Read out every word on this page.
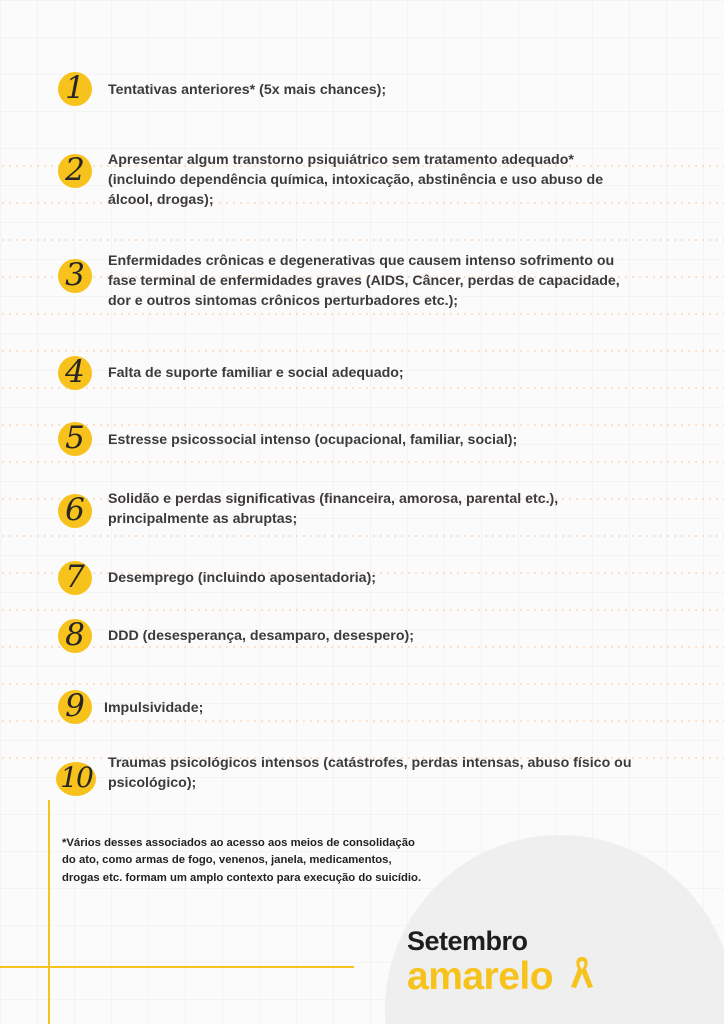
1	Tentativas anteriores* (5x mais chances);
2	Apresentar algum transtorno psiquiátrico sem tratamento adequado*
(incluindo dependência química, intoxicação, abstinência e uso abuso de
álcool, drogas);
3	Enfermidades crônicas e degenerativas que causem intenso sofrimento ou
fase terminal de enfermidades graves (AIDS, Câncer, perdas de capacidade,
dor e outros sintomas crônicos perturbadores etc.);
4	Falta de suporte familiar e social adequado;
5	Estresse psicossocial intenso (ocupacional, familiar, social);
6	Solidão e perdas significativas (financeira, amorosa, parental etc.),
principalmente as abruptas;
7	Desemprego (incluindo aposentadoria);
8	DDD (desesperança, desamparo, desespero);
9	Impulsividade;
10 Traumas psicológicos intensos (catástrofes, perdas intensas, abuso físico ou
psicológico);
*Vários desses associados ao acesso aos meios de consolidação do ato, como armas de fogo, venenos, janela, medicamentos, drogas etc. formam um amplo contexto para execução do suicídio.
Setembro
amarelo
